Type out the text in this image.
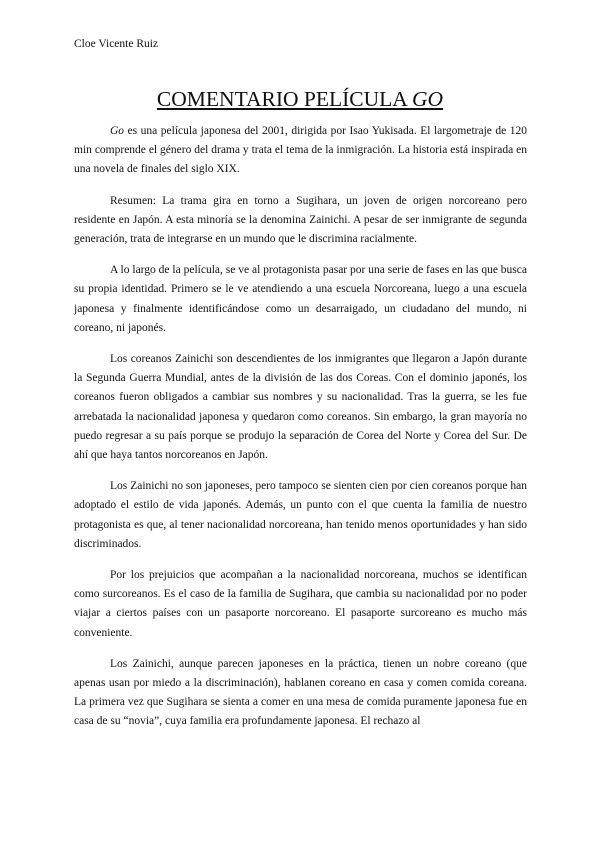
Cloe Vicente Ruiz
COMENTARIO PELÍCULA GO

Go es una película japonesa del 2001, dirigida por Isao Yukisada. El largometraje de 120 min comprende el género del drama y trata el tema de la inmigración. La historia está inspirada en una novela de finales del siglo XIX.

Resumen: La trama gira en torno a Sugihara, un joven de origen norcoreano pero residente en Japón. A esta minoría se la denomina Zainichi. A pesar de ser inmigrante de segunda generación, trata de integrarse en un mundo que le discrimina racialmente.

A lo largo de la película, se ve al protagonista pasar por una serie de fases en las que busca su propia identidad. Primero se le ve atendiendo a una escuela Norcoreana, luego a una escuela japonesa y finalmente identificándose como un desarraigado, un ciudadano del mundo, ni coreano, ni japonés.

Los coreanos Zainichi son descendientes de los inmigrantes que llegaron a Japón durante la Segunda Guerra Mundial, antes de la división de las dos Coreas. Con el dominio japonés, los coreanos fueron obligados a cambiar sus nombres y su nacionalidad. Tras la guerra, se les fue arrebatada la nacionalidad japonesa y quedaron como coreanos. Sin embargo, la gran mayoría no puedo regresar a su país porque se produjo la separación de Corea del Norte y Corea del Sur. De ahí que haya tantos norcoreanos en Japón.

Los Zainichi no son japoneses, pero tampoco se sienten cien por cien coreanos porque han adoptado el estilo de vida japonés. Además, un punto con el que cuenta la familia de nuestro protagonista es que, al tener nacionalidad norcoreana, han tenido menos oportunidades y han sido discriminados.

Por los prejuicios que acompañan a la nacionalidad norcoreana, muchos se identifican como surcoreanos. Es el caso de la familia de Sugihara, que cambia su nacionalidad por no poder viajar a ciertos países con un pasaporte norcoreano. El pasaporte surcoreano es mucho más conveniente.

Los Zainichi, aunque parecen japoneses en la práctica, tienen un nobre coreano (que apenas usan por miedo a la discriminación), hablanen coreano en casa y comen comida coreana. La primera vez que Sugihara se sienta a comer en una mesa de comida puramente japonesa fue en casa de su “novia”, cuya familia era profundamente japonesa. El rechazo al
